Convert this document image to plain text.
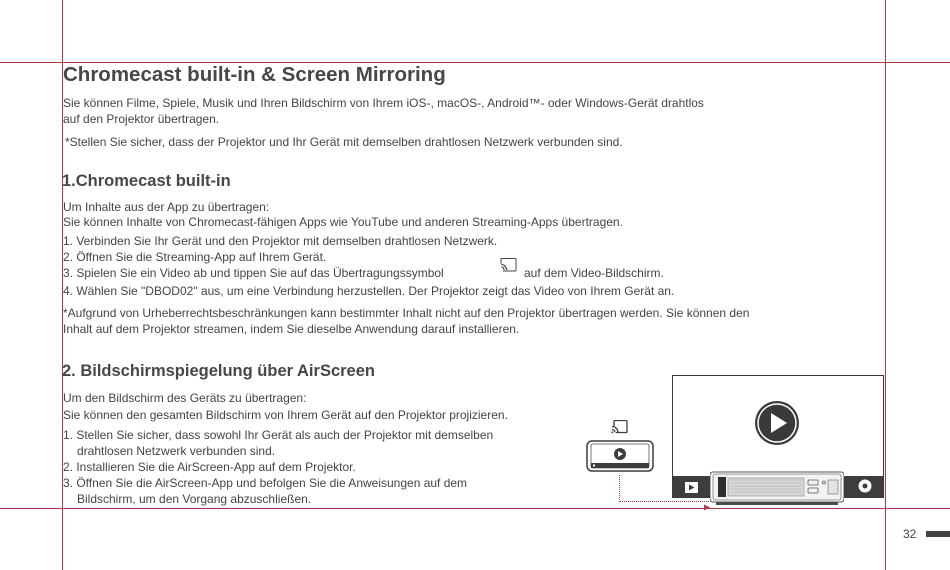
Chromecast built-in & Screen Mirroring
Sie können Filme, Spiele, Musik und Ihren Bildschirm von Ihrem iOS-, macOS-, Android™- oder Windows-Gerät drahtlos
auf den Projektor übertragen.
*Stellen Sie sicher, dass der Projektor und Ihr Gerät mit demselben drahtlosen Netzwerk verbunden sind.
1.Chromecast built-in
Um Inhalte aus der App zu übertragen:
Sie können Inhalte von Chromecast-fähigen Apps wie YouTube und anderen Streaming-Apps übertragen.
1. Verbinden Sie Ihr Gerät und den Projektor mit demselben drahtlosen Netzwerk.
2. Öffnen Sie die Streaming-App auf Ihrem Gerät.
3. Spielen Sie ein Video ab und tippen Sie auf das Übertragungssymbol	auf dem Video-Bildschirm.
4. Wählen Sie "DBOD02" aus, um eine Verbindung herzustellen. Der Projektor zeigt das Video von Ihrem Gerät an.
*Aufgrund von Urheberrechtsbeschränkungen kann bestimmter Inhalt nicht auf den Projektor übertragen werden. Sie können den
Inhalt auf dem Projektor streamen, indem Sie dieselbe Anwendung darauf installieren.
2. Bildschirmspiegelung über AirScreen
Um den Bildschirm des Geräts zu übertragen:
Sie können den gesamten Bildschirm von Ihrem Gerät auf den Projektor projizieren.
1. Stellen Sie sicher, dass sowohl Ihr Gerät als auch der Projektor mit demselben
drahtlosen Netzwerk verbunden sind.
2. Installieren Sie die AirScreen-App auf dem Projektor.
3. Öffnen Sie die AirScreen-App und befolgen Sie die Anweisungen auf dem
Bildschirm, um den Vorgang abzuschließen.
32
